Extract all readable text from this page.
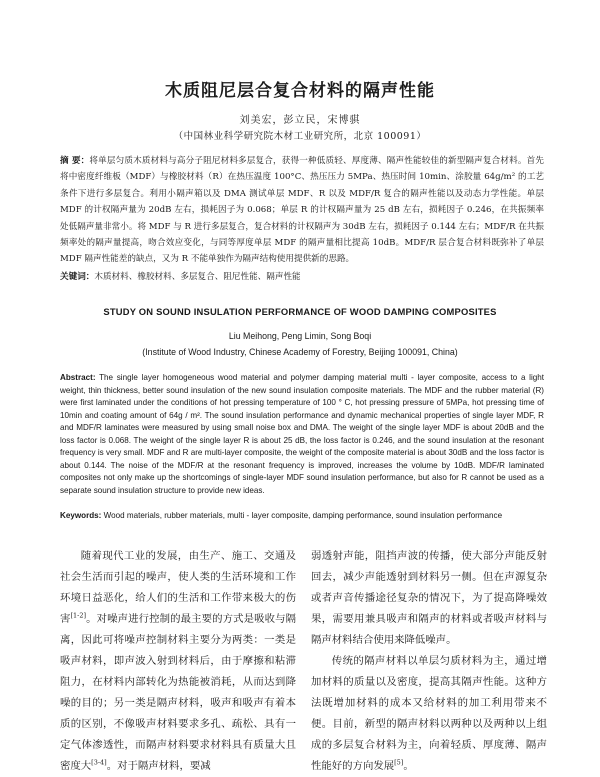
木质阻尼层合复合材料的隔声性能
刘美宏，彭立民，宋博骐
（中国林业科学研究院木材工业研究所，北京 100091）
摘 要：将单层匀质木质材料与高分子阻尼材料多层复合，获得一种低质轻、厚度薄、隔声性能较佳的新型隔声复合材料。首先将中密度纤维板（MDF）与橡胶材料（R）在热压温度 100°C、热压压力 5MPa、热压时间 10min、涂胶量 64g/m² 的工艺条件下进行多层复合。利用小隔声箱以及 DMA 测试单层 MDF、R 以及 MDF/R 复合的隔声性能以及动态力学性能。单层 MDF 的计权隔声量为 20dB 左右，损耗因子为 0.068；单层 R 的计权隔声量为 25 dB 左右，损耗因子 0.246，在共振频率处低隔声量非常小。将 MDF 与 R 进行多层复合，复合材料的计权隔声为 30dB 左右，损耗因子 0.144 左右；MDF/R 在共振频率处的隔声量提高，吻合效应变化，与同等厚度单层 MDF 的隔声量相比提高 10dB。MDF/R 层合复合材料既弥补了单层 MDF 隔声性能差的缺点，又为 R 不能单独作为隔声结构使用提供新的思路。
关键词：木质材料、橡胶材料、多层复合、阻尼性能、隔声性能
STUDY ON SOUND INSULATION PERFORMANCE OF WOOD DAMPING COMPOSITES
Liu Meihong, Peng Limin, Song Boqi
(Institute of Wood Industry, Chinese Academy of Forestry, Beijing 100091, China)
Abstract: The single layer homogeneous wood material and polymer damping material multi - layer composite, access to a light weight, thin thickness, better sound insulation of the new sound insulation composite materials. The MDF and the rubber material (R) were first laminated under the conditions of hot pressing temperature of 100 ° C, hot pressing pressure of 5MPa, hot pressing time of 10min and coating amount of 64g / m². The sound insulation performance and dynamic mechanical properties of single layer MDF, R and MDF/R laminates were measured by using small noise box and DMA. The weight of the single layer MDF is about 20dB and the loss factor is 0.068. The weight of the single layer R is about 25 dB, the loss factor is 0.246, and the sound insulation at the resonant frequency is very small. MDF and R are multi-layer composite, the weight of the composite material is about 30dB and the loss factor is about 0.144. The noise of the MDF/R at the resonant frequency is improved, increases the volume by 10dB. MDF/R laminated composites not only make up the shortcomings of single-layer MDF sound insulation performance, but also for R cannot be used as a separate sound insulation structure to provide new ideas.
Keywords: Wood materials, rubber materials, multi - layer composite, damping performance, sound insulation performance

随着现代工业的发展，由生产、施工、交通及社会生活而引起的噪声，使人类的生活环境和工作环境日益恶化，给人们的生活和工作带来极大的伤害[1-2]。对噪声进行控制的最主要的方式是吸收与隔离，因此可将噪声控制材料主要分为两类：一类是吸声材料，即声波入射到材料后，由于摩擦和粘滞阻力，在材料内部转化为热能被消耗，从而达到降噪的目的；另一类是隔声材料，吸声和吸声有着本质的区别，不像吸声材料要求多孔、疏松、具有一定气体渗透性，而隔声材料要求材料具有质量大且密度大[3-4]。对于隔声材料，要减

弱透射声能，阻挡声波的传播，使大部分声能反射回去，减少声能透射到材料另一侧。但在声源复杂或者声音传播途径复杂的情况下，为了提高降噪效果，需要用兼具吸声和隔声的材料或者吸声材料与隔声材料结合使用来降低噪声。

传统的隔声材料以单层匀质材料为主，通过增加材料的质量以及密度，提高其隔声性能。这种方法既增加材料的成本又给材料的加工利用带来不便。目前，新型的隔声材料以两种以及两种以上组成的多层复合材料为主，向着轻质、厚度薄、隔声性能好的方向发展[5]。
